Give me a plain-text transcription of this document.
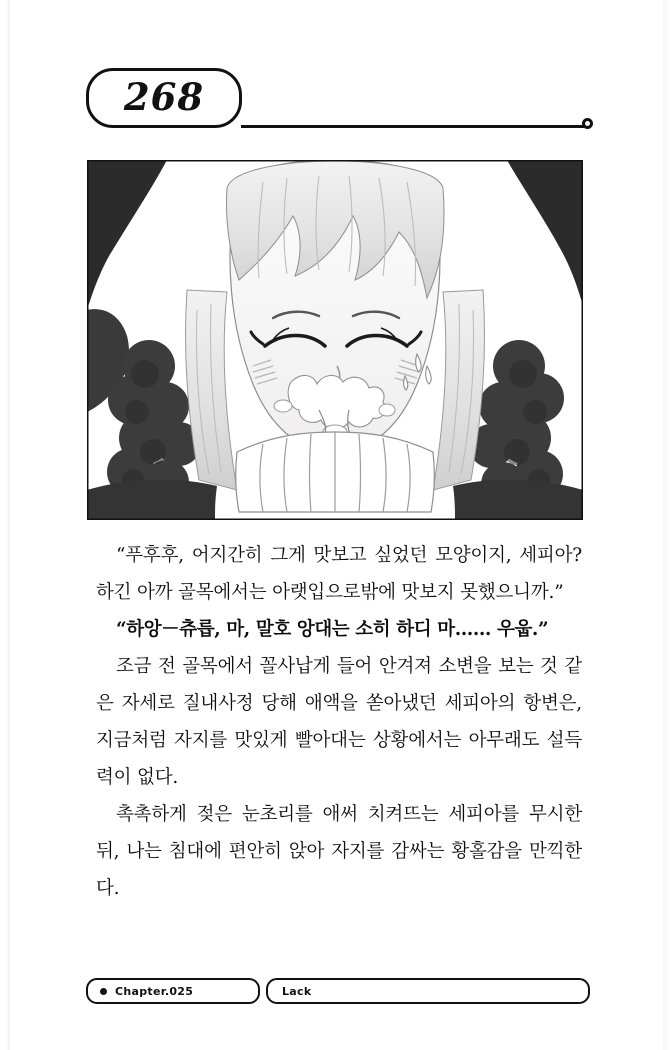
268

“푸후후, 어지간히 그게 맛보고 싶었던 모양이지, 세피아? 하긴 아까 골목에서는 아랫입으로밖에 맛보지 못했으니까.”

“하앙－츄릅, 마, 말호 앙대는 소히 하디 마…… 우웁.”

조금 전 골목에서 꼴사납게 들어 안겨져 소변을 보는 것 같은 자세로 질내사정 당해 애액을 쏟아냈던 세피아의 항변은, 지금처럼 자지를 맛있게 빨아대는 상황에서는 아무래도 설득력이 없다.

촉촉하게 젖은 눈초리를 애써 치켜뜨는 세피아를 무시한 뒤, 나는 침대에 편안히 앉아 자지를 감싸는 황홀감을 만끽한다.

Chapter.025	Lack
